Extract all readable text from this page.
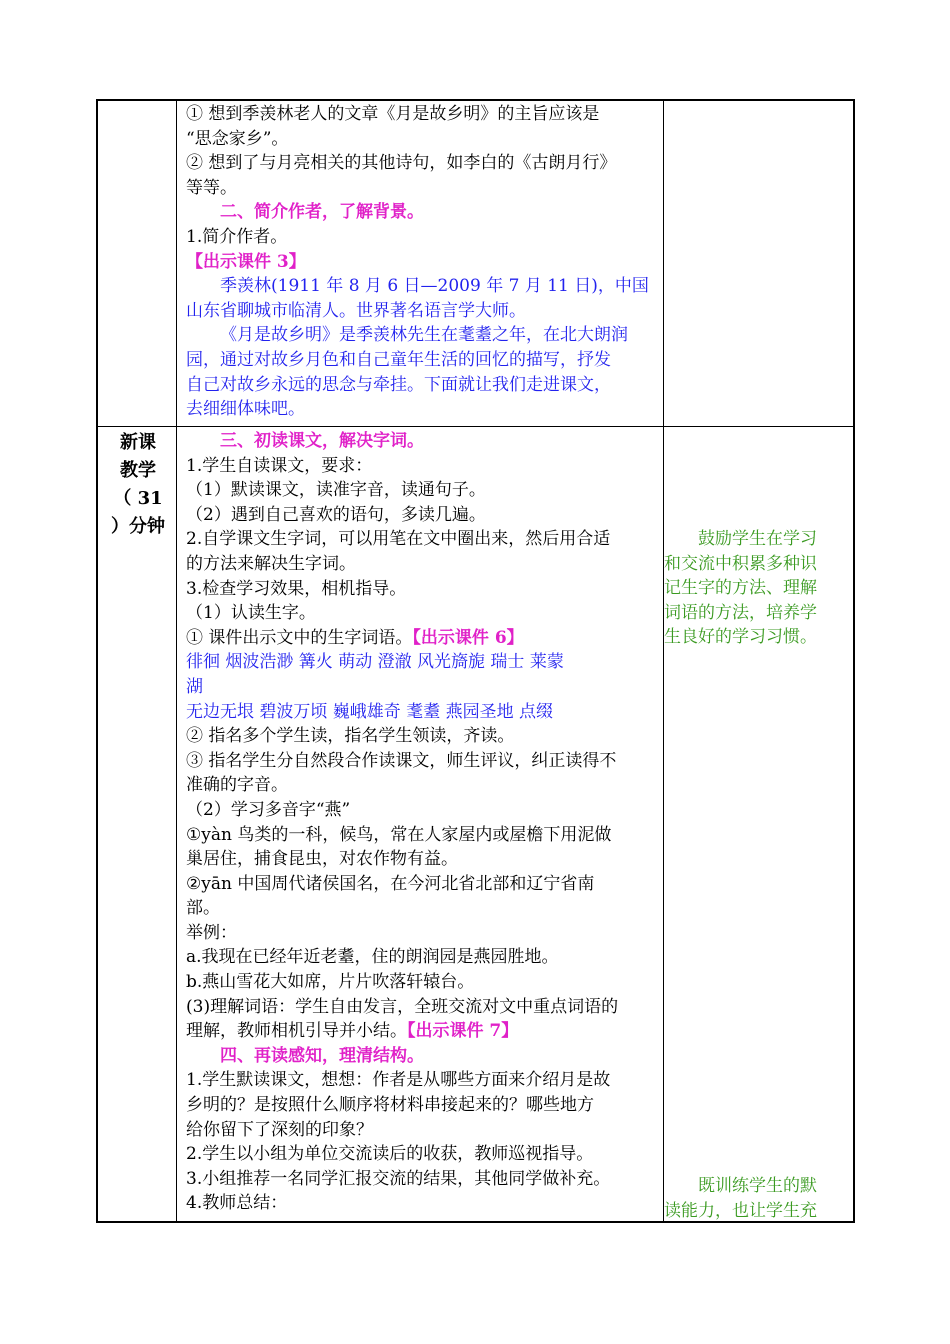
① 想到季羡林老人的文章《月是故乡明》的主旨应该是

“思念家乡”。

② 想到了与月亮相关的其他诗句，如李白的《古朗月行》

等等。

二、简介作者，了解背景。

1.简介作者。

【出示课件 3】

季羡林(1911 年 8 月 6 日—2009 年 7 月 11 日)，中国

山东省聊城市临清人。世界著名语言学大师。

《月是故乡明》是季羡林先生在耄耋之年，在北大朗润

园，通过对故乡月色和自己童年生活的回忆的描写，抒发

自己对故乡永远的思念与牵挂。下面就让我们走进课文，

去细细体味吧。

新课

教学

（ 31

）分钟

三、初读课文，解决字词。

1.学生自读课文，要求：

（1）默读课文，读准字音，读通句子。

（2）遇到自己喜欢的语句，多读几遍。

2.自学课文生字词，可以用笔在文中圈出来，然后用合适

的方法来解决生字词。

3.检查学习效果，相机指导。

（1）认读生字。

① 课件出示文中的生字词语。【出示课件 6】

徘徊 烟波浩渺 篝火 萌动 澄澈 风光旖旎 瑞士 莱蒙

湖

无边无垠 碧波万顷 巍峨雄奇 耄耋 燕园圣地 点缀

② 指名多个学生读，指名学生领读，齐读。

③ 指名学生分自然段合作读课文，师生评议，纠正读得不

准确的字音。

（2）学习多音字“燕”

①yàn 鸟类的一科，候鸟，常在人家屋内或屋檐下用泥做

巢居住，捕食昆虫，对农作物有益。

②yān 中国周代诸侯国名，在今河北省北部和辽宁省南

部。

举例：

a.我现在已经年近老耋，住的朗润园是燕园胜地。

b.燕山雪花大如席，片片吹落轩辕台。

(3)理解词语：学生自由发言，全班交流对文中重点词语的

理解，教师相机引导并小结。【出示课件 7】

四、再读感知，理清结构。

1.学生默读课文，想想：作者是从哪些方面来介绍月是故

乡明的？是按照什么顺序将材料串接起来的？哪些地方

给你留下了深刻的印象？

2.学生以小组为单位交流读后的收获，教师巡视指导。

3.小组推荐一名同学汇报交流的结果，其他同学做补充。

4.教师总结：

鼓励学生在学习

和交流中积累多种识

记生字的方法、理解

词语的方法，培养学

生良好的学习习惯。

既训练学生的默

读能力，也让学生充
